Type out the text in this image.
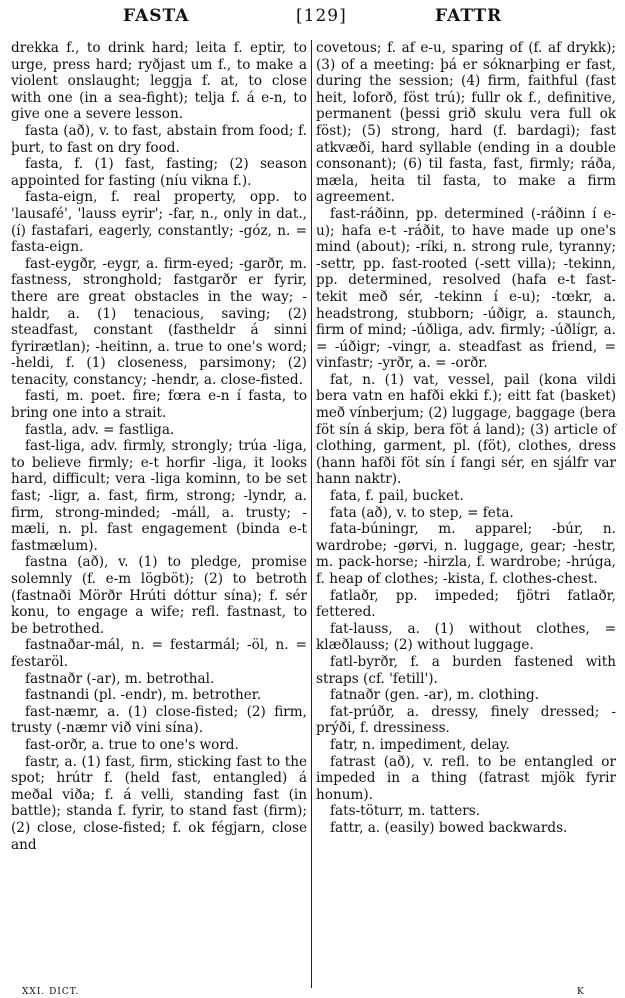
FASTA	[129]	FATTR

drekka f., to drink hard; leita f. eptir, to urge, press hard; ryðjast um f., to make a violent onslaught; leggja f. at, to close with one (in a sea-fight); telja f. á e-n, to give one a severe lesson.

fasta (að), v. to fast, abstain from food; f. þurt, to fast on dry food.

fasta, f. (1) fast, fasting; (2) season appointed for fasting (níu vikna f.).

fasta-eign, f. real property, opp. to 'lausafé', 'lauss eyrir'; -far, n., only in dat., (í) fastafari, eagerly, constantly; -góz, n. = fasta-eign.

fast-eygðr, -eygr, a. firm-eyed; -garðr, m. fastness, stronghold; fastgarðr er fyrir, there are great obstacles in the way; -haldr, a. (1) tenacious, saving; (2) steadfast, constant (fastheldr á sinni fyrirætlan); -heitinn, a. true to one's word; -heldi, f. (1) closeness, parsimony; (2) tenacity, constancy; -hendr, a. close-fisted.

fasti, m. poet. fire; fœra e-n í fasta, to bring one into a strait.

fastla, adv. = fastliga.

fast-liga, adv. firmly, strongly; trúa -liga, to believe firmly; e-t horfir -liga, it looks hard, difficult; vera -liga kominn, to be set fast; -ligr, a. fast, firm, strong; -lyndr, a. firm, strong-minded; -máll, a. trusty; -mæli, n. pl. fast engagement (binda e-t fastmælum).

fastna (að), v. (1) to pledge, promise solemnly (f. e-m lögböt); (2) to betroth (fastnaði Mörðr Hrúti dóttur sína); f. sér konu, to engage a wife; refl. fastnast, to be betrothed.

fastnaðar-mál, n. = festarmál; -öl, n. = festaröl.

fastnaðr (-ar), m. betrothal.

fastnandi (pl. -endr), m. betrother.

fast-næmr, a. (1) close-fisted; (2) firm, trusty (-næmr við vini sína).

fast-orðr, a. true to one's word.

fastr, a. (1) fast, firm, sticking fast to the spot; hrútr f. (held fast, entangled) á meðal viða; f. á velli, standing fast (in battle); standa f. fyrir, to stand fast (firm); (2) close, close-fisted; f. ok fégjarn, close and

covetous; f. af e-u, sparing of (f. af drykk); (3) of a meeting: þá er sóknarþing er fast, during the session; (4) firm, faithful (fast heit, loforð, föst trú); fullr ok f., definitive, permanent (þessi grið skulu vera full ok föst); (5) strong, hard (f. bardagi); fast atkvæði, hard syllable (ending in a double consonant); (6) til fasta, fast, firmly; ráða, mæla, heita til fasta, to make a firm agreement.

fast-ráðinn, pp. determined (-ráðinn í e-u); hafa e-t -ráðit, to have made up one's mind (about); -ríki, n. strong rule, tyranny; -settr, pp. fast-rooted (-sett villa); -tekinn, pp. determined, resolved (hafa e-t fast-tekit með sér, -tekinn í e-u); -tœkr, a. headstrong, stubborn; -úðigr, a. staunch, firm of mind; -úðliga, adv. firmly; -úðlígr, a. = -úðigr; -vingr, a. steadfast as friend, = vinfastr; -yrðr, a. = -orðr.

fat, n. (1) vat, vessel, pail (kona vildi bera vatn en hafði ekki f.); eitt fat (basket) með vínberjum; (2) luggage, baggage (bera föt sín á skip, bera föt á land); (3) article of clothing, garment, pl. (föt), clothes, dress (hann hafði föt sín í fangi sér, en sjálfr var hann naktr).

fata, f. pail, bucket.

fata (að), v. to step, = feta.

fata-búningr, m. apparel; -búr, n. wardrobe; -gørvi, n. luggage, gear; -hestr, m. pack-horse; -hirzla, f. wardrobe; -hrúga, f. heap of clothes; -kista, f. clothes-chest.

fatlaðr, pp. impeded; fjötri fatlaðr, fettered.

fat-lauss, a. (1) without clothes, = klæðlauss; (2) without luggage.

fatl-byrðr, f. a burden fastened with straps (cf. 'fetill').

fatnaðr (gen. -ar), m. clothing.

fat-prúðr, a. dressy, finely dressed; -prýði, f. dressiness.

fatr, n. impediment, delay.

fatrast (að), v. refl. to be entangled or impeded in a thing (fatrast mjök fyrir honum).

fats-töturr, m. tatters.

fattr, a. (easily) bowed backwards.

XXI. DICT.	K
